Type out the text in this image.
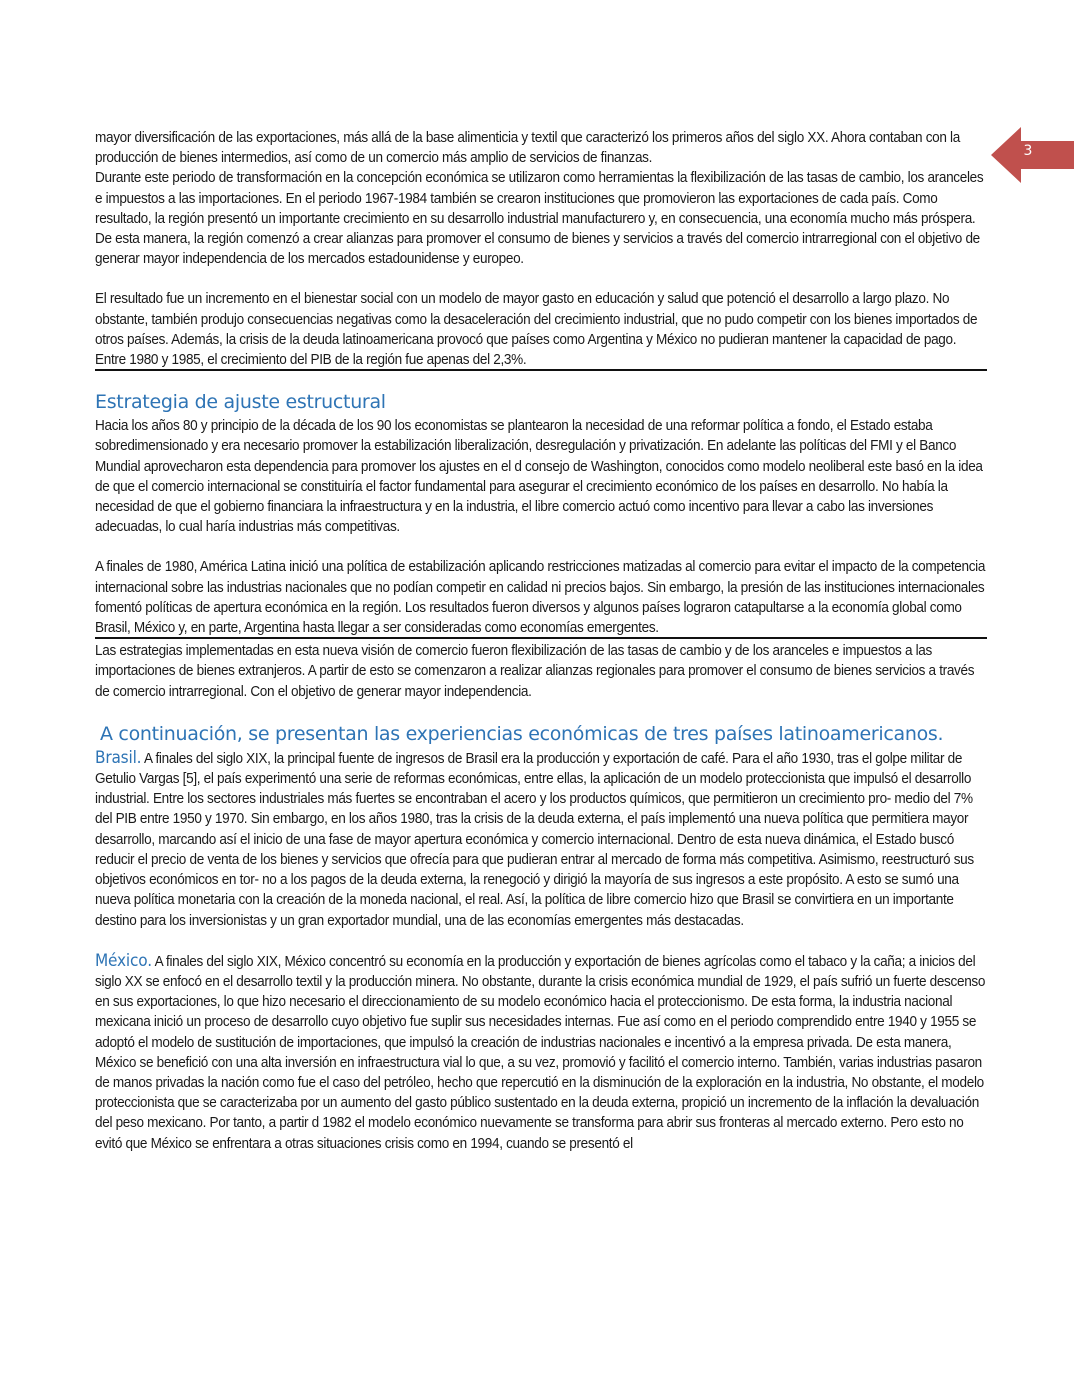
3

mayor diversificación de las exportaciones, más allá de la base alimenticia y textil que caracterizó los primeros años del siglo XX. Ahora contaban con la producción de bienes intermedios, así como de un comercio más amplio de servicios de finanzas.

Durante este periodo de transformación en la concepción económica se utilizaron como herramientas la flexibilización de las tasas de cambio, los aranceles e impuestos a las importaciones. En el periodo 1967-1984 también se crearon instituciones que promovieron las exportaciones de cada país. Como resultado, la región presentó un importante crecimiento en su desarrollo industrial manufacturero y, en consecuencia, una economía mucho más próspera. De esta manera, la región comenzó a crear alianzas para promover el consumo de bienes y servicios a través del comercio intrarregional con el objetivo de generar mayor independencia de los mercados estadounidense y europeo.

El resultado fue un incremento en el bienestar social con un modelo de mayor gasto en educación y salud que potenció el desarrollo a largo plazo. No obstante, también produjo consecuencias negativas como la desaceleración del crecimiento industrial, que no pudo competir con los bienes importados de otros países. Además, la crisis de la deuda latinoamericana provocó que países como Argentina y México no pudieran mantener la capacidad de pago. Entre 1980 y 1985, el crecimiento del PIB de la región fue apenas del 2,3%.

Estrategia de ajuste estructural

Hacia los años 80 y principio de la década de los 90 los economistas se plantearon la necesidad de una reformar política a fondo, el Estado estaba sobredimensionado y era necesario promover la estabilización liberalización, desregulación y privatización. En adelante las políticas del FMI y el Banco Mundial aprovecharon esta dependencia para promover los ajustes en el d consejo de Washington, conocidos como modelo neoliberal este basó en la idea de que el comercio internacional se constituiría el factor fundamental para asegurar el crecimiento económico de los países en desarrollo. No había la necesidad de que el gobierno financiara la infraestructura y en la industria, el libre comercio actuó como incentivo para llevar a cabo las inversiones adecuadas, lo cual haría industrias más competitivas.

A finales de 1980, América Latina inició una política de estabilización aplicando restricciones matizadas al comercio para evitar el impacto de la competencia internacional sobre las industrias nacionales que no podían competir en calidad ni precios bajos. Sin embargo, la presión de las instituciones internacionales fomentó políticas de apertura económica en la región. Los resultados fueron diversos y algunos países lograron catapultarse a la economía global como Brasil, México y, en parte, Argentina hasta llegar a ser consideradas como economías emergentes.

Las estrategias implementadas en esta nueva visión de comercio fueron flexibilización de las tasas de cambio y de los aranceles e impuestos a las importaciones de bienes extranjeros. A partir de esto se comenzaron a realizar alianzas regionales para promover el consumo de bienes servicios a través de comercio intrarregional. Con el objetivo de generar mayor independencia.

A continuación, se presentan las experiencias económicas de tres países latinoamericanos.

Brasil. A finales del siglo XIX, la principal fuente de ingresos de Brasil era la producción y exportación de café. Para el año 1930, tras el golpe militar de Getulio Vargas [5], el país experimentó una serie de reformas económicas, entre ellas, la aplicación de un modelo proteccionista que impulsó el desarrollo industrial. Entre los sectores industriales más fuertes se encontraban el acero y los productos químicos, que permitieron un crecimiento pro- medio del 7% del PIB entre 1950 y 1970. Sin embargo, en los años 1980, tras la crisis de la deuda externa, el país implementó una nueva política que permitiera mayor desarrollo, marcando así el inicio de una fase de mayor apertura económica y comercio internacional. Dentro de esta nueva dinámica, el Estado buscó reducir el precio de venta de los bienes y servicios que ofrecía para que pudieran entrar al mercado de forma más competitiva. Asimismo, reestructuró sus objetivos económicos en tor- no a los pagos de la deuda externa, la renegoció y dirigió la mayoría de sus ingresos a este propósito. A esto se sumó una nueva política monetaria con la creación de la moneda nacional, el real. Así, la política de libre comercio hizo que Brasil se convirtiera en un importante destino para los inversionistas y un gran exportador mundial, una de las economías emergentes más destacadas.

México. A finales del siglo XIX, México concentró su economía en la producción y exportación de bienes agrícolas como el tabaco y la caña; a inicios del siglo XX se enfocó en el desarrollo textil y la producción minera. No obstante, durante la crisis económica mundial de 1929, el país sufrió un fuerte descenso en sus exportaciones, lo que hizo necesario el direccionamiento de su modelo económico hacia el proteccionismo. De esta forma, la industria nacional mexicana inició un proceso de desarrollo cuyo objetivo fue suplir sus necesidades internas. Fue así como en el periodo comprendido entre 1940 y 1955 se adoptó el modelo de sustitución de importaciones, que impulsó la creación de industrias nacionales e incentivó a la empresa privada. De esta manera, México se benefició con una alta inversión en infraestructura vial lo que, a su vez, promovió y facilitó el comercio interno. También, varias industrias pasaron de manos privadas la nación como fue el caso del petróleo, hecho que repercutió en la disminución de la exploración en la industria, No obstante, el modelo proteccionista que se caracterizaba por un aumento del gasto público sustentado en la deuda externa, propició un incremento de la inflación la devaluación del peso mexicano. Por tanto, a partir d 1982 el modelo económico nuevamente se transforma para abrir sus fronteras al mercado externo. Pero esto no evitó que México se enfrentara a otras situaciones crisis como en 1994, cuando se presentó el
